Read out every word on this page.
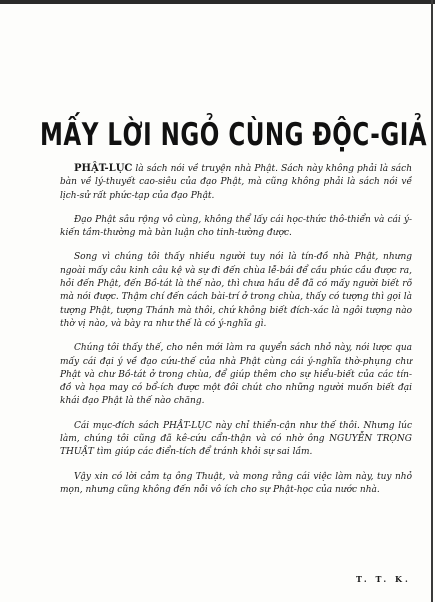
MẤY LỜI NGỎ CÙNG ĐỘC-GIẢ

PHẬT-LỤC là sách nói về truyện nhà Phật. Sách này không phải là sách bàn về lý-thuyết cao-siêu của đạo Phật, mà cũng không phải là sách nói về lịch-sử rất phức-tạp của đạo Phật.

Đạo Phật sâu rộng vô cùng, không thể lấy cái học-thức thô-thiển và cái ý-kiến tầm-thường mà bàn luận cho tinh-tường được.

Song vì chúng tôi thấy nhiều người tuy nói là tín-đồ nhà Phật, nhưng ngoài mấy câu kinh câu kệ và sự đi đến chùa lễ-bái để cầu phúc cầu được ra, hỏi đến Phật, đến Bồ-tát là thế nào, thì chưa hầu dễ đã có mấy người biết rõ mà nói được. Thậm chí đến cách bài-trí ở trong chùa, thấy có tượng thì gọi là tượng Phật, tượng Thánh mà thôi, chứ không biết đích-xác là ngôi tượng nào thờ vị nào, và bày ra như thế là có ý-nghĩa gì.

Chúng tôi thấy thế, cho nên mới làm ra quyển sách nhỏ này, nói lược qua mấy cái đại ý về đạo cứu-thế của nhà Phật cùng cái ý-nghĩa thờ-phụng chư Phật và chư Bồ-tát ở trong chùa, để giúp thêm cho sự hiểu-biết của các tín-đồ và họa may có bổ-ích được một đôi chút cho những người muốn biết đại khái đạo Phật là thế nào chăng.

Cái mục-đích sách PHẬT-LỤC này chỉ thiển-cận như thế thôi. Nhưng lúc làm, chúng tôi cũng đã kê-cứu cẩn-thận và có nhờ ông NGUYỄN TRỌNG THUẬT tìm giúp các điển-tích để tránh khỏi sự sai lầm.

Vậy xin có lời cảm tạ ông Thuật, và mong rằng cái việc làm này, tuy nhỏ mọn, nhưng cũng không đến nỗi vô ích cho sự Phật-học của nước nhà.

T. T. K.
